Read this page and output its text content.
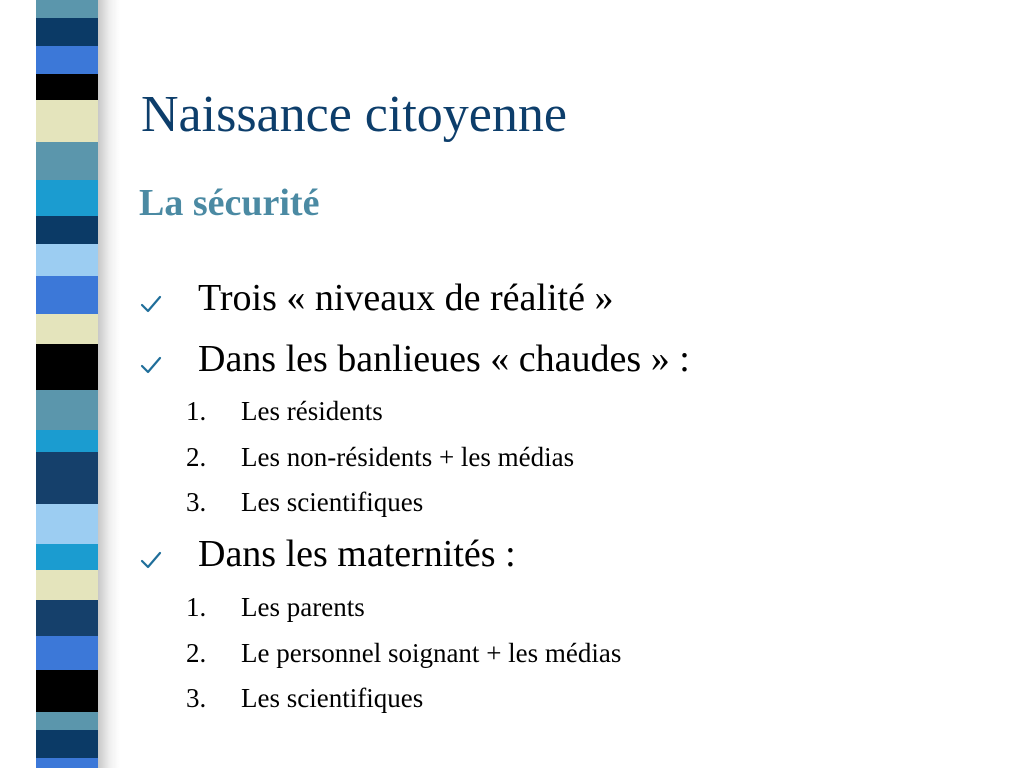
Naissance citoyenne
La sécurité
Trois « niveaux de réalité »
Dans les banlieues « chaudes » :
1. Les résidents
2. Les non-résidents + les médias
3. Les scientifiques
Dans les maternités :
1. Les parents
2. Le personnel soignant + les médias
3. Les scientifiques
